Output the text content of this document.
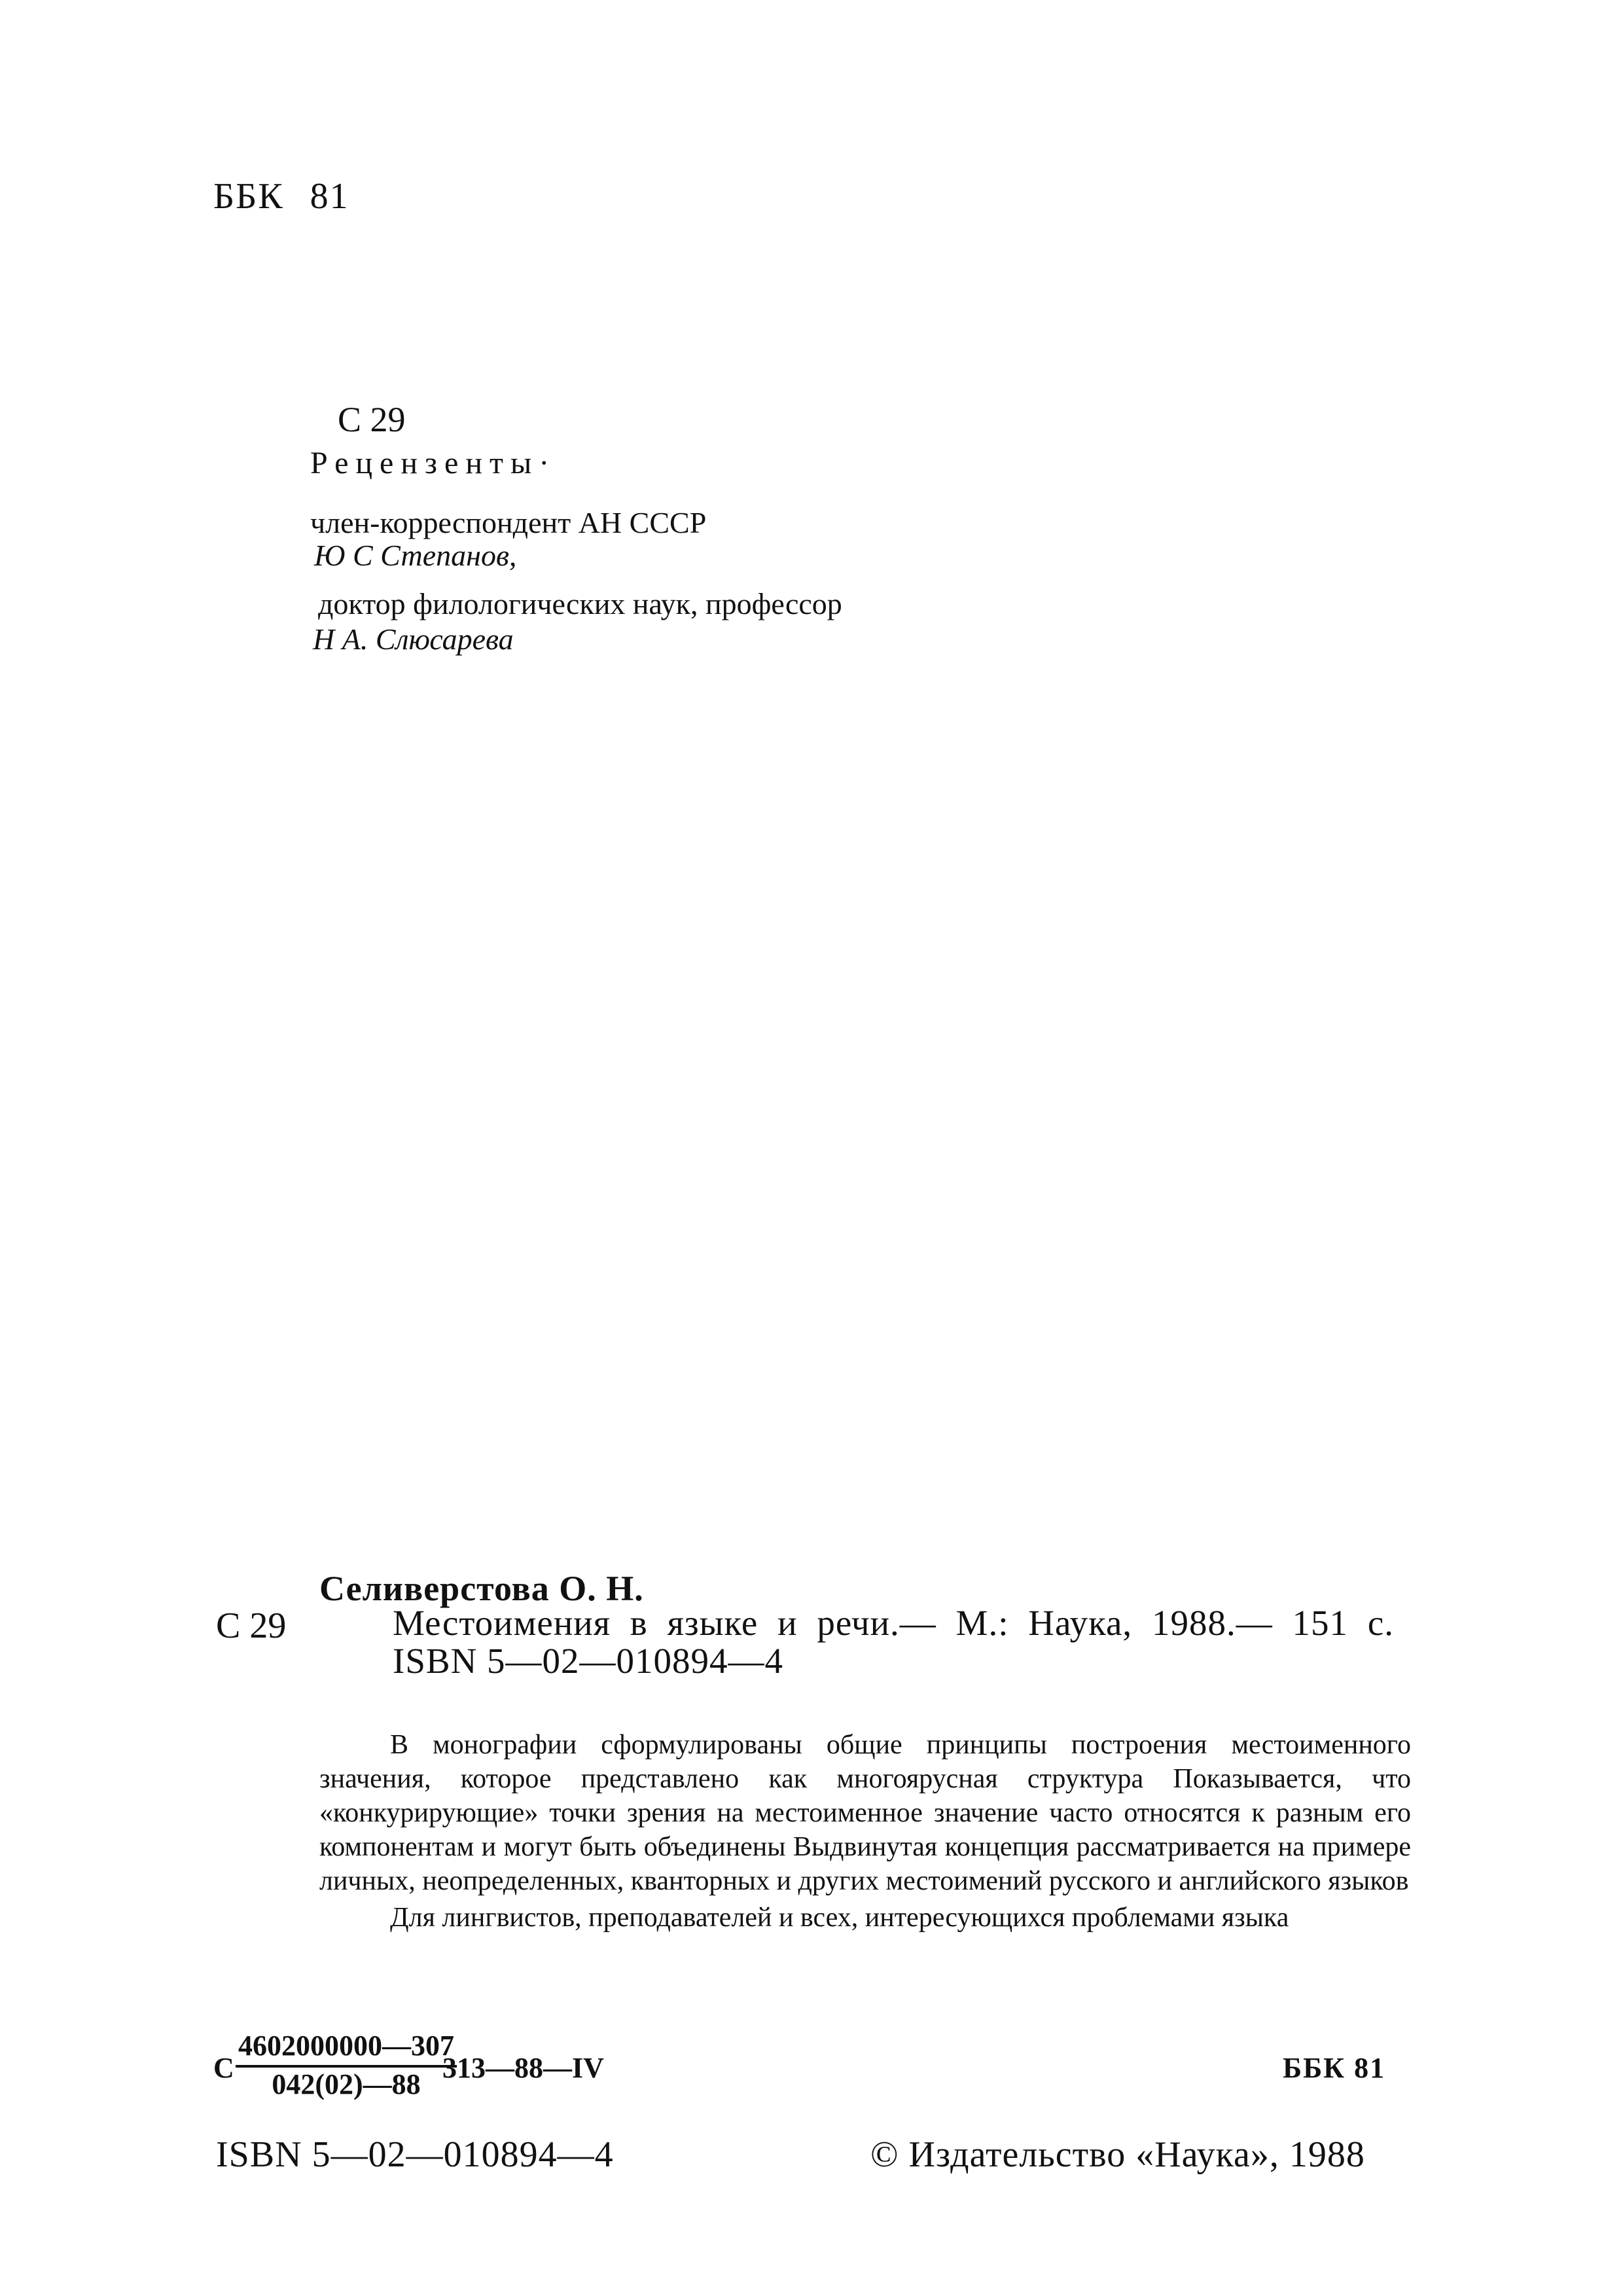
ББК 81
С 29
Рецензенты·
член-корреспондент АН СССР
Ю С Степанов,
доктор филологических наук, профессор
Н А. Слюсарева
С 29
Селиверстова О. Н.
Местоимения в языке и речи.— М.: Наука, 1988.— 151 с.
ISBN 5—02—010894—4

В монографии сформулированы общие принципы построения местоименного значения, которое представлено как многоярусная структура Показывается, что «конкурирующие» точки зрения на местоименное значение часто относятся к разным его компонентам и могут быть объединены Выдвинутая концепция рассматривается на примере личных, неопределенных, кванторных и других местоимений русского и английского языков

Для лингвистов, преподавателей и всех, интересующихся проблемами языка

С $\frac{4602000000—307}{042(02)—88}$
313—88—IV	ББК 81
ISBN 5—02—010894—4	© Издательство «Наука», 1988
